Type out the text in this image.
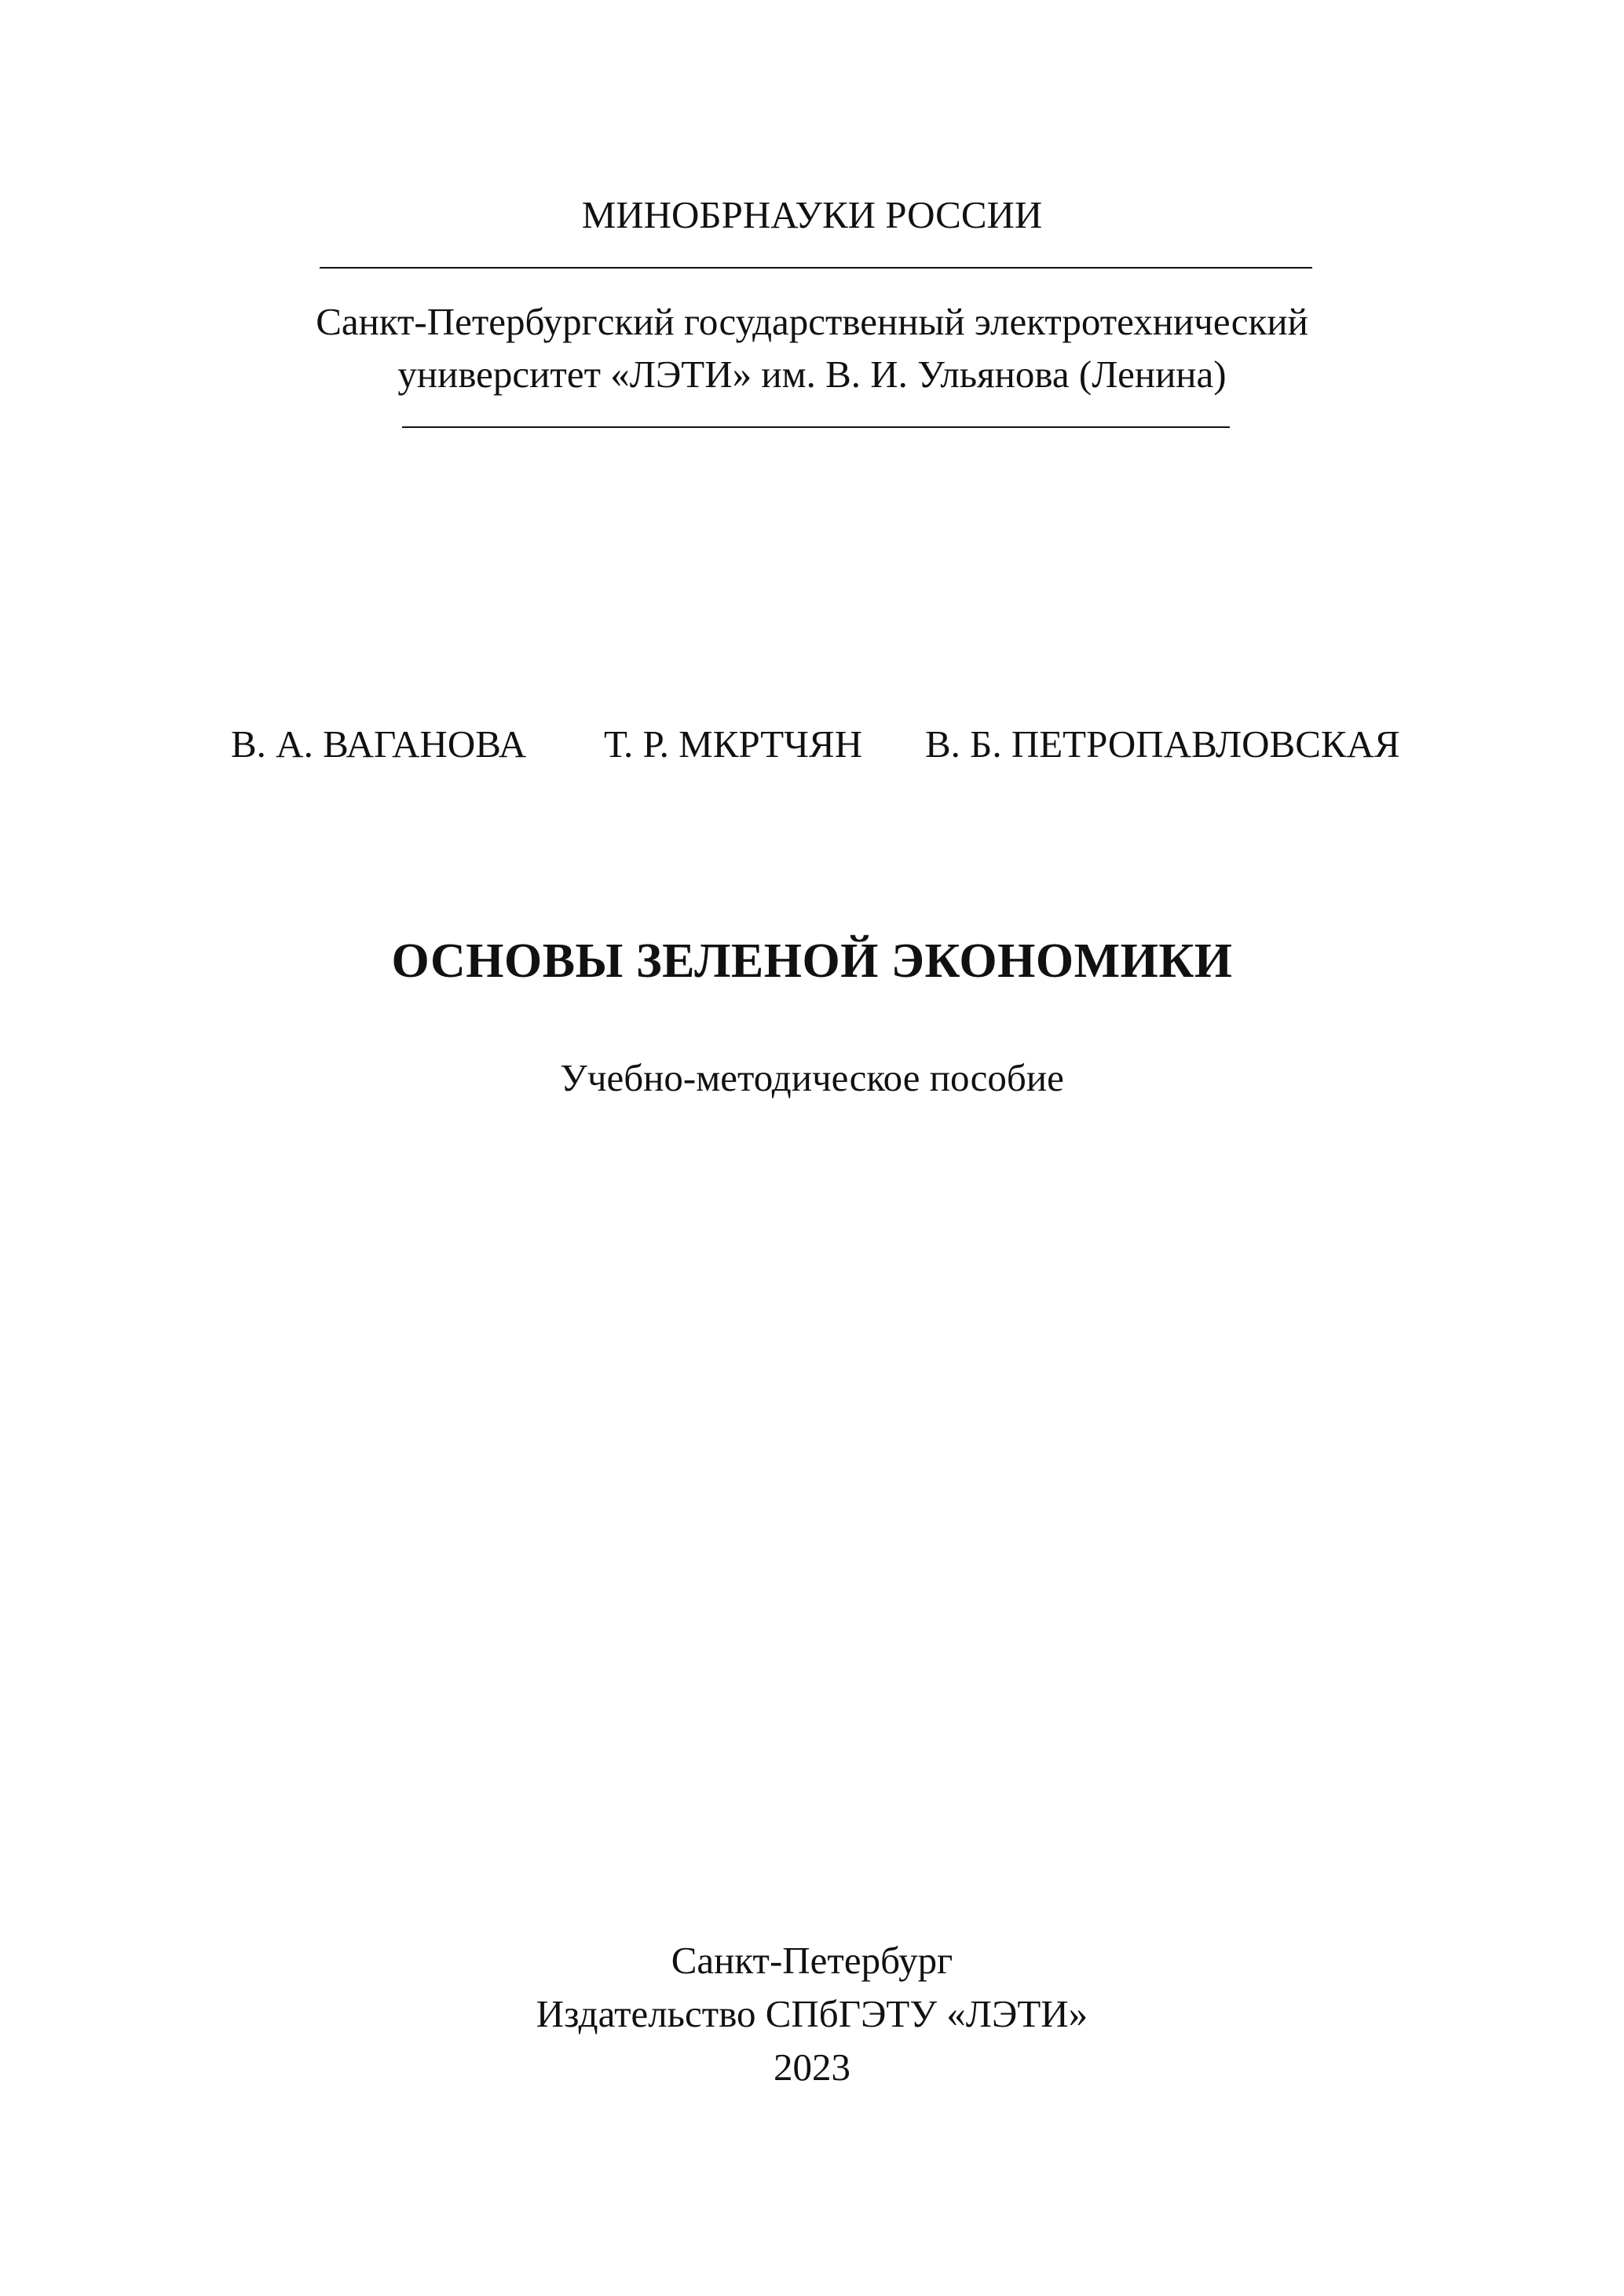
МИНОБРНАУКИ РОССИИ
Санкт-Петербургский государственный электротехнический
университет «ЛЭТИ» им. В. И. Ульянова (Ленина)
В. А. ВАГАНОВА Т. Р. МКРТЧЯН В. Б. ПЕТРОПАВЛОВСКАЯ
ОСНОВЫ ЗЕЛЕНОЙ ЭКОНОМИКИ
Учебно-методическое пособие
Санкт-Петербург
Издательство СПбГЭТУ «ЛЭТИ»
2023
